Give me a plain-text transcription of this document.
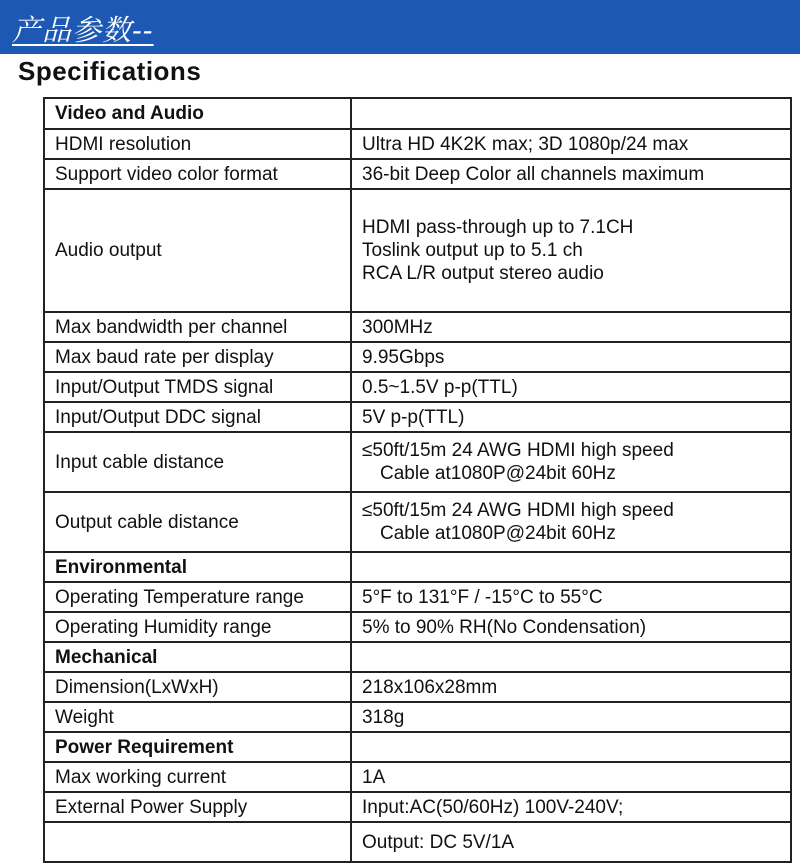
产品参数--
Specifications
Video and Audio	
HDMI resolution	Ultra HD 4K2K max; 3D 1080p/24 max

Support video color format	36-bit Deep Color all channels maximum

Audio output	HDMI pass-through up to 7.1CH
Toslink output up to 5.1 ch
RCA L/R output stereo audio

Max bandwidth per channel	300MHz

Max baud rate per display	9.95Gbps

Input/Output TMDS signal	0.5~1.5V p-p(TTL)

Input/Output DDC signal	5V p-p(TTL)

Input cable distance	≤50ft/15m 24 AWG HDMI high speed
Cable at1080P@24bit 60Hz

Output cable distance	≤50ft/15m 24 AWG HDMI high speed
Cable at1080P@24bit 60Hz

Environmental	
Operating Temperature range	5°F to 131°F / -15°C to 55°C

Operating Humidity range	5% to 90% RH(No Condensation)

Mechanical	
Dimension(LxWxH)	218x106x28mm

Weight	318g

Power Requirement	
Max working current	1A

External Power Supply	Input:AC(50/60Hz) 100V-240V;

	Output: DC 5V/1A
